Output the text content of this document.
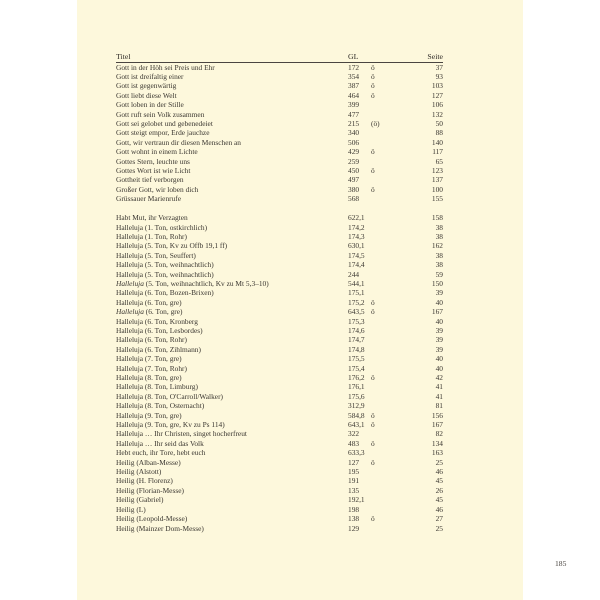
Titel	GL	Seite
Gott in der Höh sei Preis und Ehr	172 ö	37
Gott ist dreifaltig einer	354 ö	93
Gott ist gegenwärtig	387 ö	103
Gott liebt diese Welt	464 ö	127
Gott loben in der Stille	399	106
Gott ruft sein Volk zusammen	477	132
Gott sei gelobet und gebenedeiet	215 (ö)	50
Gott steigt empor, Erde jauchze	340	88
Gott, wir vertraun dir diesen Menschen an	506	140
Gott wohnt in einem Lichte	429 ö	117
Gottes Stern, leuchte uns	259	65
Gottes Wort ist wie Licht	450 ö	123
Gottheit tief verborgen	497	137
Großer Gott, wir loben dich	380 ö	100
Grüssauer Marienrufe	568	155
Habt Mut, ihr Verzagten	622,1	158
Halleluja (1. Ton, ostkirchlich)	174,2	38
Halleluja (1. Ton, Rohr)	174,3	38
Halleluja (5. Ton, Kv zu Offb 19,1 ff)	630,1	162
Halleluja (5. Ton, Seuffert)	174,5	38
Halleluja (5. Ton, weihnachtlich)	174,4	38
Halleluja (5. Ton, weihnachtlich)	244	59
Halleluja (5. Ton, weihnachtlich, Kv zu Mt 5,3–10)	544,1	150
Halleluja (6. Ton, Bozen-Brixen)	175,1	39
Halleluja (6. Ton, gre)	175,2 ö	40
Halleluja (6. Ton, gre)	643,5 ö	167
Halleluja (6. Ton, Kronberg	175,3	40
Halleluja (6. Ton, Lesbordes)	174,6	39
Halleluja (6. Ton, Rohr)	174,7	39
Halleluja (6. Ton, Zihlmann)	174,8	39
Halleluja (7. Ton, gre)	175,5	40
Halleluja (7. Ton, Rohr)	175,4	40
Halleluja (8. Ton, gre)	176,2 ö	42
Halleluja (8. Ton, Limburg)	176,1	41
Halleluja (8. Ton, O'Carroll/Walker)	175,6	41
Halleluja (8. Ton, Osternacht)	312,9	81
Halleluja (9. Ton, gre)	584,8 ö	156
Halleluja (9. Ton, gre, Kv zu Ps 114)	643,1 ö	167
Halleluja … Ihr Christen, singet hocherfreut	322	82
Halleluja … Ihr seid das Volk	483 ö	134
Hebt euch, ihr Tore, hebt euch	633,3	163
Heilig (Alban-Messe)	127 ö	25
Heilig (Alstott)	195	46
Heilig (H. Florenz)	191	45
Heilig (Florian-Messe)	135	26
Heilig (Gabriel)	192,1	45
Heilig (L)	198	46
Heilig (Leopold-Messe)	138 ö	27
Heilig (Mainzer Dom-Messe)	129	25
185
